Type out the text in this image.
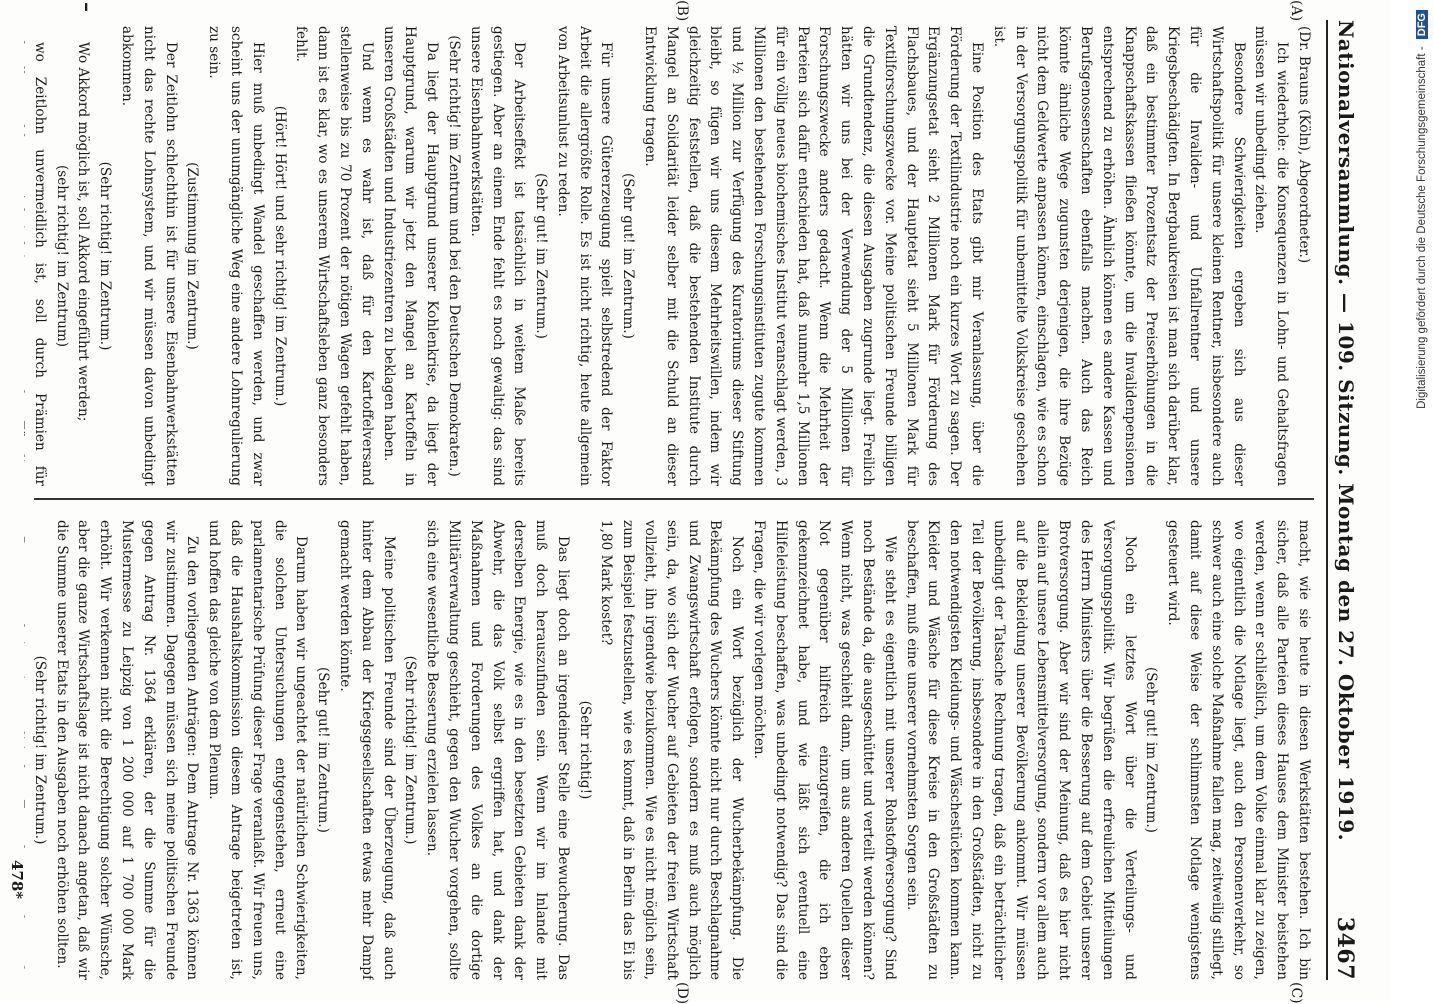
Nationalversammlung. — 109. Sitzung. Montag den 27. Oktober 1919.
3467
(A)
(B)
(C)
(D)
–

(Dr. Brauns (Köln), Abgeordneter.)

Ich wiederhole: die Konsequenzen in Lohn- und Gehaltsfragen müssen wir unbedingt ziehen.

Besondere Schwierigkeiten ergeben sich aus dieser Wirtschaftspolitik für unsere kleinen Rentner, insbesondere auch für die Invaliden- und Unfallrentner und unsere Kriegsbeschädigten. In Bergbaukreisen ist man sich darüber klar, daß ein bestimmter Prozentsatz der Preiserhöhungen in die Knappschaftskassen fließen könnte, um die Invalidenpensionen entsprechend zu erhöhen. Ähnlich können es andere Kassen und Berufsgenossenschaften ebenfalls machen. Auch das Reich könnte ähnliche Wege zugunsten derjenigen, die ihre Bezüge nicht dem Geldwerte anpassen können, einschlagen, wie es schon in der Versorgungspolitik für unbemittelte Volkskreise geschehen ist.

Eine Position des Etats gibt mir Veranlassung, über die Förderung der Textilindustrie noch ein kurzes Wort zu sagen. Der Ergänzungsetat sieht 2 Millionen Mark für Förderung des Flachsbaues, und der Hauptetat sieht 5 Millionen Mark für Textilforschungszwecke vor. Meine politischen Freunde billigen die Grundtendenz, die diesen Ausgaben zugrunde liegt. Freilich hätten wir uns bei der Verwendung der 5 Millionen für Forschungszwecke anders gedacht. Wenn die Mehrheit der Parteien sich dafür entschieden hat, daß nunmehr 1,5 Millionen für ein völlig neues biochemisches Institut veranschlagt werden, 3 Millionen den bestehenden Forschungsinstituten zugute kommen und ½ Million zur Verfügung des Kuratoriums dieser Stiftung bleibt, so fügen wir uns diesem Mehrheitswillen, indem wir gleichzeitig feststellen, daß die bestehenden Institute durch Mangel an Solidarität leider selber mit die Schuld an dieser Entwicklung tragen.

(Sehr gut! im Zentrum.)

Für unsere Gütererzeugung spielt selbstredend der Faktor Arbeit die allergrößte Rolle. Es ist nicht richtig, heute allgemein von Arbeitsunlust zu reden.

(Sehr gut! im Zentrum.)

Der Arbeitseffekt ist tatsächlich in weitem Maße bereits gestiegen. Aber an einem Ende fehlt es noch gewaltig: das sind unsere Eisenbahnwerkstätten.

(Sehr richtig! im Zentrum und bei den Deutschen Demokraten.)

Da liegt der Hauptgrund unserer Kohlenkrise, da liegt der Hauptgrund, warum wir jetzt den Mangel an Kartoffeln in unseren Großstädten und Industriezentren zu beklagen haben.

Und wenn es wahr ist, daß für den Kartoffelversand stellenweise bis zu 70 Prozent der nötigen Wagen gefehlt haben, dann ist es klar, wo es unserem Wirtschaftsleben ganz besonders fehlt.

(Hört! Hört! und sehr richtig! im Zentrum.)

Hier muß unbedingt Wandel geschaffen werden, und zwar scheint uns der unumgängliche Weg eine andere Lohnregulierung zu sein.

(Zustimmung im Zentrum.)

Der Zeitlohn schlechthin ist für unsere Eisenbahnwerkstätten nicht das rechte Lohnsystem, und wir müssen davon unbedingt abkommen.

(Sehr richtig! im Zentrum.)

Wo Akkord möglich ist, soll Akkord eingeführt werden;

(sehr richtig! im Zentrum)

wo Zeitlohn unvermeidlich ist, soll durch Prämien für

macht, wie sie heute in diesen Werkstätten bestehen. Ich bin sicher, daß alle Parteien dieses Hauses dem Minister beistehen werden, wenn er schließlich, um dem Volke einmal klar zu zeigen, wo eigentlich die Notlage liegt, auch den Personenverkehr, so schwer auch eine solche Maßnahme fallen mag, zeitweilig stillegt, damit auf diese Weise der schlimmsten Notlage wenigstens gesteuert wird.

(Sehr gut! im Zentrum.)

Noch ein letztes Wort über die Verteilungs- und Versorgungspolitik. Wir begrüßen die erfreulichen Mitteilungen des Herrn Ministers über die Besserung auf dem Gebiet unserer Brotversorgung. Aber wir sind der Meinung, daß es hier nicht allein auf unsere Lebensmittelversorgung, sondern vor allem auch auf die Bekleidung unserer Bevölkerung ankommt. Wir müssen unbedingt der Tatsache Rechnung tragen, daß ein beträchtlicher Teil der Bevölkerung, insbesondere in den Großstädten, nicht zu den notwendigsten Kleidungs- und Wäschestücken kommen kann. Kleider und Wäsche für diese Kreise in den Großstädten zu beschaffen, muß eine unserer vornehmsten Sorgen sein.

Wie steht es eigentlich mit unserer Rohstoffversorgung? Sind noch Bestände da, die ausgeschüttet und verteilt werden können? Wenn nicht, was geschieht dann, um aus anderen Quellen dieser Not gegenüber hilfreich einzugreifen, die ich eben gekennzeichnet habe, und wie läßt sich eventuell eine Hilfeleistung beschaffen, was unbedingt notwendig? Das sind die Fragen, die wir vorlegen möchten.

Noch ein Wort bezüglich der Wucherbekämpfung. Die Bekämpfung des Wuchers könnte nicht nur durch Beschlagnahme und Zwangswirtschaft erfolgen, sondern es muß auch möglich sein, da, wo sich der Wucher auf Gebieten der freien Wirtschaft vollzieht, ihn irgendwie beizukommen. Wie es nicht möglich sein, zum Beispiel festzustellen, wie es kommt, daß in Berlin das Ei bis 1,80 Mark kostet?

(Sehr richtig!)

Das liegt doch an irgendeiner Stelle eine Bewucherung. Das muß doch herauszufinden sein. Wenn wir im Inlande mit derselben Energie, wie es in den besetzten Gebieten dank der Abwehr, die das Volk selbst ergriffen hat, und dank der Maßnahmen und Forderungen des Volkes an die dortige Militärverwaltung geschieht, gegen den Wucher vorgehen, sollte sich eine wesentliche Besserung erzielen lassen.

(Sehr richtig! im Zentrum.)

Meine politischen Freunde sind der Überzeugung, daß auch hinter dem Abbau der Kriegsgesellschaften etwas mehr Dampf gemacht werden könnte.

(Sehr gut! im Zentrum.)

Darum haben wir ungeachtet der natürlichen Schwierigkeiten, die solchen Untersuchungen entgegenstehen, erneut eine parlamentarische Prüfung dieser Frage veranlaßt. Wir freuen uns, daß die Haushaltskommission diesem Antrage beigetreten ist, und hoffen das gleiche von dem Plenum.

Zu den vorliegenden Anträgen: Dem Antrage Nr. 1363 können wir zustimmen. Dagegen müssen sich meine politischen Freunde gegen Antrag Nr. 1364 erklären, der die Summe für die Mustermesse zu Leipzig von 1 200 000 auf 1 700 000 Mark erhöht. Wir verkennen nicht die Berechtigung solcher Wünsche, aber die ganze Wirtschaftslage ist nicht danach angetan, daß wir die Summe unserer Etats in den Ausgaben noch erhöhen sollten.

(Sehr richtig! im Zentrum.)

478*
Digitalisierung gefördert durch die Deutsche Forschungsgemeinschaft - DFG
